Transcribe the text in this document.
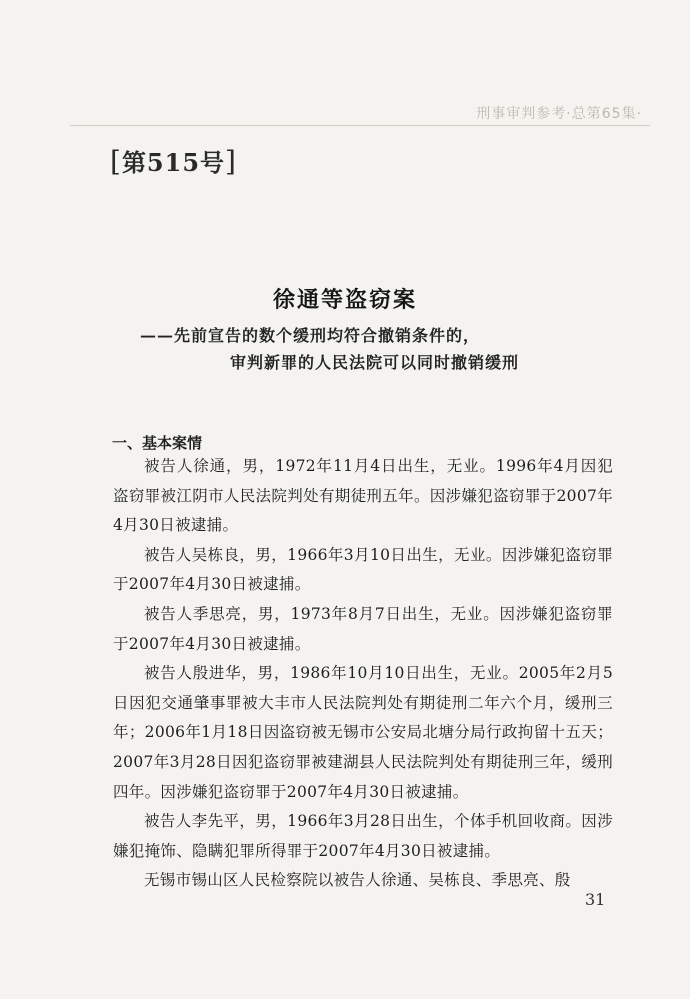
刑事审判参考·总第65集·
[第515号]
徐通等盗窃案
——先前宣告的数个缓刑均符合撤销条件的，
审判新罪的人民法院可以同时撤销缓刑
一、基本案情

被告人徐通，男，1972年11月4日出生，无业。1996年4月因犯盗窃罪被江阴市人民法院判处有期徒刑五年。因涉嫌犯盗窃罪于2007年4月30日被逮捕。

被告人吴栋良，男，1966年3月10日出生，无业。因涉嫌犯盗窃罪于2007年4月30日被逮捕。

被告人季思亮，男，1973年8月7日出生，无业。因涉嫌犯盗窃罪于2007年4月30日被逮捕。

被告人殷进华，男，1986年10月10日出生，无业。2005年2月5日因犯交通肇事罪被大丰市人民法院判处有期徒刑二年六个月，缓刑三年；2006年1月18日因盗窃被无锡市公安局北塘分局行政拘留十五天；2007年3月28日因犯盗窃罪被建湖县人民法院判处有期徒刑三年，缓刑四年。因涉嫌犯盗窃罪于2007年4月30日被逮捕。

被告人李先平，男，1966年3月28日出生，个体手机回收商。因涉嫌犯掩饰、隐瞒犯罪所得罪于2007年4月30日被逮捕。

无锡市锡山区人民检察院以被告人徐通、吴栋良、季思亮、殷

31
